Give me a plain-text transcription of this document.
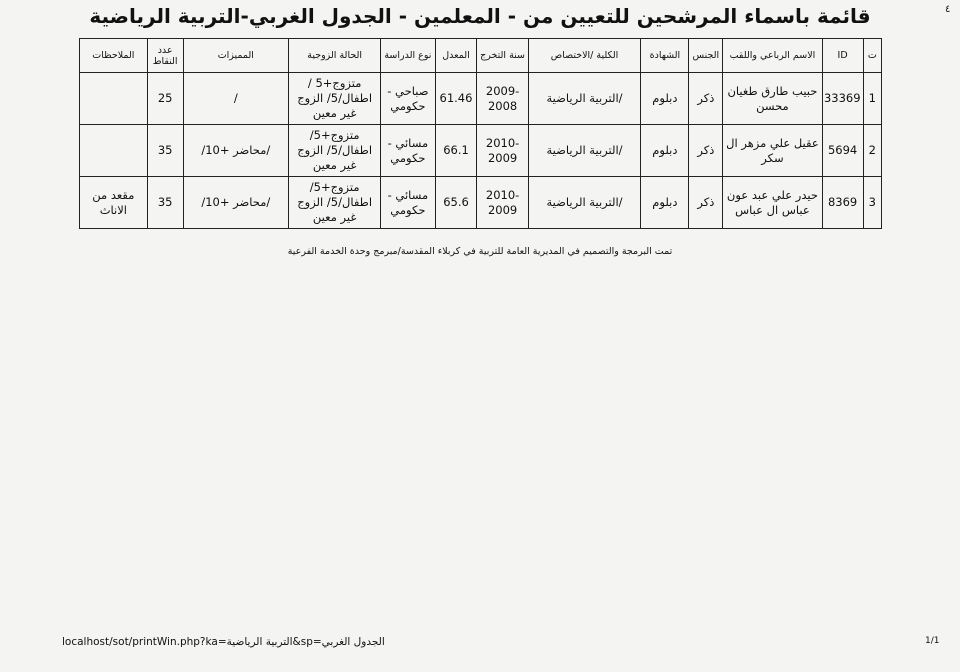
٤
قائمة باسماء المرشحين للتعيين من - المعلمين - الجدول الغربي-التربية الرياضية
ت	ID	الاسم الرباعي واللقب	الجنس	الشهادة	الكلية /الاختصاص	سنة التخرج	المعدل	نوع الدراسة	الحالة الزوجية	المميزات	عدد النقاط	الملاحظات
1	33369	حبيب طارق طغيان محسن	ذكر	دبلوم	/التربية الرياضية	2009-2008	61.46	صباحي - حكومي	متزوج+5 / اطفال/5/ الزوج غير معين	/	25	
2	5694	عقيل علي مزهر ال سكر	ذكر	دبلوم	/التربية الرياضية	2010-2009	66.1	مسائي - حكومي	متزوج+5/ اطفال/5/ الزوج غير معين	/محاضر +10/	35	
3	8369	حيدر علي عبد عون عباس ال عباس	ذكر	دبلوم	/التربية الرياضية	2010-2009	65.6	مسائي - حكومي	متزوج+5/ اطفال/5/ الزوج غير معين	/محاضر +10/	35	مقعد من الاناث
تمت البرمجة والتصميم في المديرية العامة للتربية في كربلاء المقدسة/مبرمج وحدة الخدمة الفرعية
localhost/sot/printWin.php?ka=التربية الرياضية&sp=الجدول الغربي	1/1
